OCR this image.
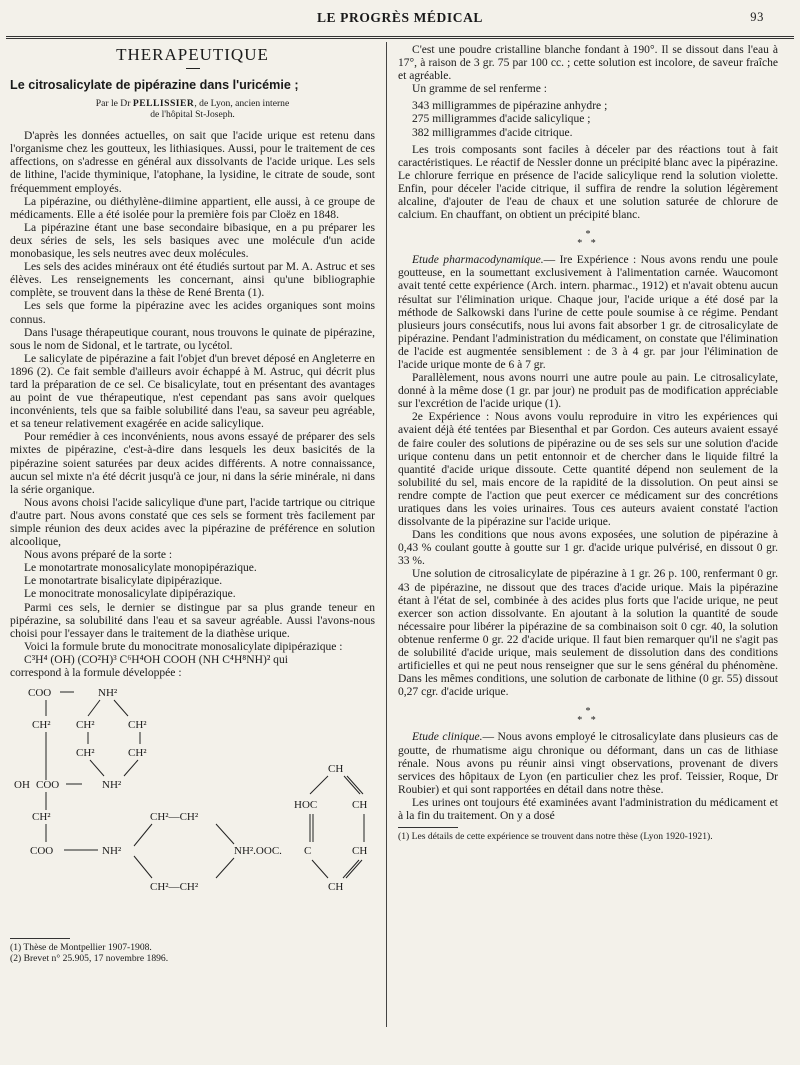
LE PROGRÈS MÉDICAL	93

THERAPEUTIQUE

Le citrosalicylate de pipérazine dans l'uricémie ;

Par le Dr PELLISSIER, de Lyon, ancien interne
de l'hôpital St-Joseph.

D'après les données actuelles, on sait que l'acide urique est retenu dans l'organisme chez les goutteux, les lithiasiques. Aussi, pour le traitement de ces affections, on s'adresse en général aux dissolvants de l'acide urique. Les sels de lithine, l'acide thyminique, l'atophane, la lysidine, le citrate de soude, sont fréquemment employés.

La pipérazine, ou diéthylène-diimine appartient, elle aussi, à ce groupe de médicaments. Elle a été isolée pour la première fois par Cloëz en 1848.

La pipérazine étant une base secondaire bibasique, en a pu préparer les deux séries de sels, les sels basiques avec une molécule d'un acide monobasique, les sels neutres avec deux molécules.

Les sels des acides minéraux ont été étudiés surtout par M. A. Astruc et ses élèves. Les renseignements les concernant, ainsi qu'une bibliographie complète, se trouvent dans la thèse de René Brenta (1).

Les sels que forme la pipérazine avec les acides organiques sont moins connus.

Dans l'usage thérapeutique courant, nous trouvons le quinate de pipérazine, sous le nom de Sidonal, et le tartrate, ou lycétol.

Le salicylate de pipérazine a fait l'objet d'un brevet déposé en Angleterre en 1896 (2). Ce fait semble d'ailleurs avoir échappé à M. Astruc, qui décrit plus tard la préparation de ce sel. Ce bisalicylate, tout en présentant des avantages au point de vue thérapeutique, n'est cependant pas sans avoir quelques inconvénients, tels que sa faible solubilité dans l'eau, sa saveur peu agréable, et sa teneur relativement exagérée en acide salicylique.

Pour remédier à ces inconvénients, nous avons essayé de préparer des sels mixtes de pipérazine, c'est-à-dire dans lesquels les deux basicités de la pipérazine soient saturées par deux acides différents. A notre connaissance, aucun sel mixte n'a été décrit jusqu'à ce jour, ni dans la série minérale, ni dans la série organique.

Nous avons choisi l'acide salicylique d'une part, l'acide tartrique ou citrique d'autre part. Nous avons constaté que ces sels se forment très facilement par simple réunion des deux acides avec la pipérazine de préférence en solution alcoolique,

Nous avons préparé de la sorte :

Le monotartrate monosalicylate monopipérazique.

Le monotartrate bisalicylate dipipérazique.

Le monocitrate monosalicylate dipipérazique.

Parmi ces sels, le dernier se distingue par sa plus grande teneur en pipérazine, sa solubilité dans l'eau et sa saveur agréable. Aussi l'avons-nous choisi pour l'essayer dans le traitement de la diathèse urique.

Voici la formule brute du monocitrate monosalicylate dipipérazique :

C³H⁴ (OH) (CO²H)³ C⁶H⁴OH COOH (NH C⁴H⁸NH)² qui

correspond à la formule développée :

COO	NH²
CH² CH²	CH²
CH²	CH²
OH COO	NH²
CH²
COO	NH²
CH²—CH²
NH².OOC.
CH²—CH²
CH
HOC	CH
C	CH
CH

(1) Thèse de Montpellier 1907-1908.

(2) Brevet n° 25.905, 17 novembre 1896.

C'est une poudre cristalline blanche fondant à 190°. Il se dissout dans l'eau à 17°, à raison de 3 gr. 75 par 100 cc. ; cette solution est incolore, de saveur fraîche et agréable.

Un gramme de sel renferme :

343 milligrammes de pipérazine anhydre ;

275 milligrammes d'acide salicylique ;

382 milligrammes d'acide citrique.

Les trois composants sont faciles à déceler par des réactions tout à fait caractéristiques. Le réactif de Nessler donne un précipité blanc avec la pipérazine. Le chlorure ferrique en présence de l'acide salicylique rend la solution violette. Enfin, pour déceler l'acide citrique, il suffira de rendre la solution légèrement alcaline, d'ajouter de l'eau de chaux et une solution saturée de chlorure de calcium. En chauffant, on obtient un précipité blanc.

*
* *

Etude pharmacodynamique.— Ire Expérience : Nous avons rendu une poule goutteuse, en la soumettant exclusivement à l'alimentation carnée. Waucomont avait tenté cette expérience (Arch. intern. pharmac., 1912) et n'avait obtenu aucun résultat sur l'élimination urique. Chaque jour, l'acide urique a été dosé par la méthode de Salkowski dans l'urine de cette poule soumise à ce régime. Pendant plusieurs jours consécutifs, nous lui avons fait absorber 1 gr. de citrosalicylate de pipérazine. Pendant l'administration du médicament, on constate que l'élimination de l'acide est augmentée sensiblement : de 3 à 4 gr. par jour l'élimination de l'acide urique monte de 6 à 7 gr.

Parallèlement, nous avons nourri une autre poule au pain. Le citrosalicylate, donné à la même dose (1 gr. par jour) ne produit pas de modification appréciable sur l'excrétion de l'acide urique (1).

2e Expérience : Nous avons voulu reproduire in vitro les expériences qui avaient déjà été tentées par Biesenthal et par Gordon. Ces auteurs avaient essayé de faire couler des solutions de pipérazine ou de ses sels sur une solution d'acide urique contenu dans un petit entonnoir et de chercher dans le liquide filtré la quantité d'acide urique dissoute. Cette quantité dépend non seulement de la solubilité du sel, mais encore de la rapidité de la dissolution. On peut ainsi se rendre compte de l'action que peut exercer ce médicament sur des concrétions uratiques dans les voies urinaires. Tous ces auteurs avaient constaté l'action dissolvante de la pipérazine sur l'acide urique.

Dans les conditions que nous avons exposées, une solution de pipérazine à 0,43 % coulant goutte à goutte sur 1 gr. d'acide urique pulvérisé, en dissout 0 gr. 33 %.

Une solution de citrosalicylate de pipérazine à 1 gr. 26 p. 100, renfermant 0 gr. 43 de pipérazine, ne dissout que des traces d'acide urique. Mais la pipérazine étant à l'état de sel, combinée à des acides plus forts que l'acide urique, ne peut exercer son action dissolvante. En ajoutant à la solution la quantité de soude nécessaire pour libérer la pipérazine de sa combinaison soit 0 cgr. 40, la solution obtenue renferme 0 gr. 22 d'acide urique. Il faut bien remarquer qu'il ne s'agit pas de solubilité d'acide urique, mais seulement de dissolution dans des conditions artificielles et qui ne peut nous renseigner que sur le sens général du phénomène. Dans les mêmes conditions, une solution de carbonate de lithine (0 gr. 55) dissout 0,27 cgr. d'acide urique.

*
* *

Etude clinique.— Nous avons employé le citrosalicylate dans plusieurs cas de goutte, de rhumatisme aigu chronique ou déformant, dans un cas de lithiase rénale. Nous avons pu réunir ainsi vingt observations, provenant de divers services des hôpitaux de Lyon (en particulier chez les prof. Teissier, Roque, Dr Roubier) et qui sont rapportées en détail dans notre thèse.

Les urines ont toujours été examinées avant l'administration du médicament et à la fin du traitement. On y a dosé

(1) Les détails de cette expérience se trouvent dans notre thèse (Lyon 1920-1921).
